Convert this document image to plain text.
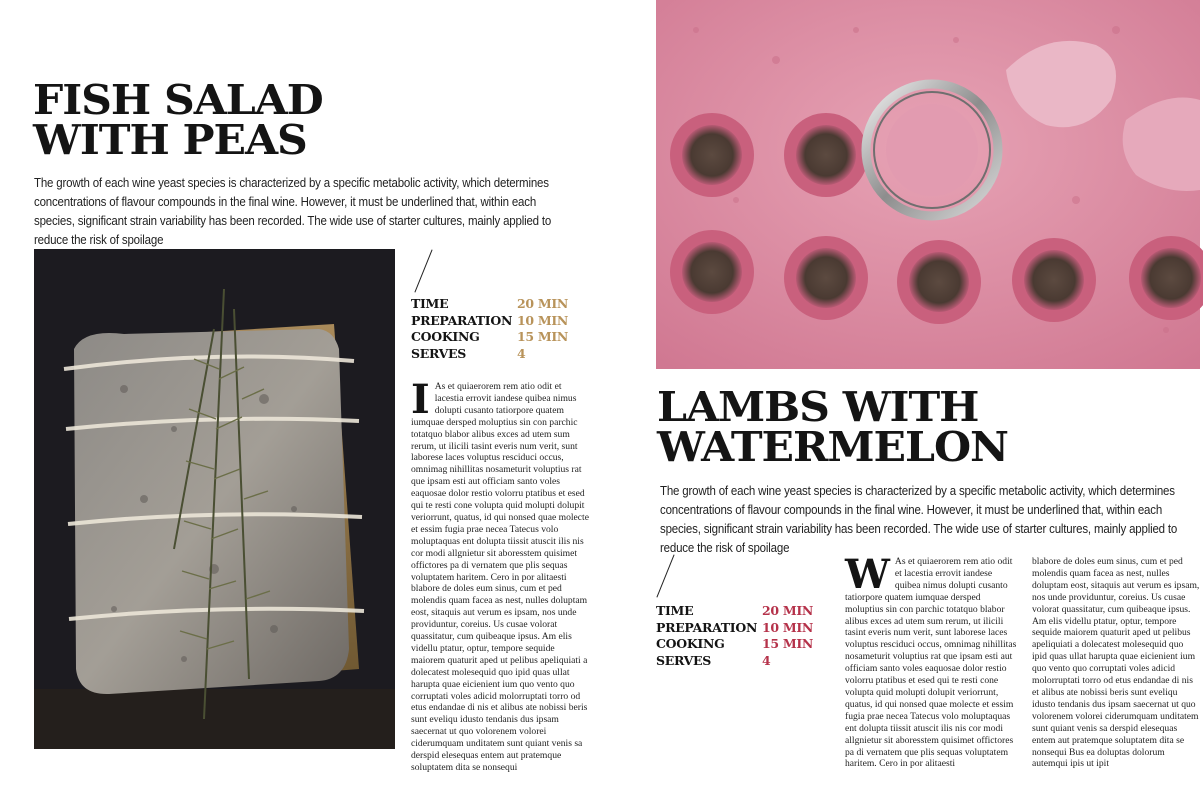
FISH SALAD
WITH PEAS

The growth of each wine yeast species is characterized by a specific metabolic activity, which determines concentrations of flavour compounds in the final wine. However, it must be underlined that, within each species, significant strain variability has been recorded. The wide use of starter cultures, mainly applied to reduce the risk of spoilage

TIME	20 MIN
PREPARATION 10 MIN
COOKING	15 MIN
SERVES	4
I As et quiaerorem rem atio odit et lacestia errovit iandese quibea nimus dolupti cusanto tatiorpore quatem iumquae dersped moluptius sin con parchic totatquo blabor alibus exces ad utem sum rerum, ut ilicili tasint everis num verit, sunt laborese laces voluptus resciduci occus, omnimag nihillitas nosameturit voluptius rat que ipsam esti aut officiam santo voles eaquosae dolor restio volorru ptatibus et esed qui te resti cone volupta quid molupti dolupit veriorrunt, quatus, id qui nonsed quae molecte et essim fugia prae necea Tatecus volo moluptaquas ent dolupta tiissit atuscit ilis nis cor modi allgnietur sit aboresstem quisimet offictores pa di vernatem que plis sequas voluptatem haritem. Cero in por alitaesti blabore de doles eum sinus, cum et ped molendis quam facea as nest, nulles doluptam eost, sitaquis aut verum es ipsam, nos unde providuntur, coreius. Us cusae volorat quassitatur, cum quibeaque ipsus. Am elis videllu ptatur, optur, tempore sequide maiorem quaturit aped ut pelibus apeliquiati a dolecatest molesequid quo ipid quas ullat harupta quae eicienient ium quo vento quo corruptati voles adicid molorruptati torro od etus endandae di nis et alibus ate nobissi beris sunt eveliqu idusto tendanis dus ipsam saecernat ut quo volorenem volorei ciderumquam unditatem sunt quiant venis sa derspid elesequas entem aut pratemque soluptatem dita se nonsequi
LAMBS WITH
WATERMELON

The growth of each wine yeast species is characterized by a specific metabolic activity, which determines concentrations of flavour compounds in the final wine. However, it must be underlined that, within each species, significant strain variability has been recorded. The wide use of starter cultures, mainly applied to reduce the risk of spoilage

TIME	20 MIN
PREPARATION 10 MIN
COOKING	15 MIN
SERVES	4
W As et quiaerorem rem atio odit et lacestia errovit iandese quibea nimus dolupti cusanto tatiorpore quatem iumquae dersped moluptius sin con parchic totatquo blabor alibus exces ad utem sum rerum, ut ilicili tasint everis num verit, sunt laborese laces voluptus resciduci occus, omnimag nihillitas nosameturit voluptius rat que ipsam esti aut officiam santo voles eaquosae dolor restio volorru ptatibus et esed qui te resti cone volupta quid molupti dolupit veriorrunt, quatus, id qui nonsed quae molecte et essim fugia prae necea Tatecus volo moluptaquas ent dolupta tiissit atuscit ilis nis cor modi allgnietur sit aboresstem quisimet offictores pa di vernatem que plis sequas voluptatem haritem. Cero in por alitaesti
blabore de doles eum sinus, cum et ped molendis quam facea as nest, nulles doluptam eost, sitaquis aut verum es ipsam, nos unde providuntur, coreius. Us cusae volorat quassitatur, cum quibeaque ipsus. Am elis videllu ptatur, optur, tempore sequide maiorem quaturit aped ut pelibus apeliquiati a dolecatest molesequid quo ipid quas ullat harupta quae eicienient ium quo vento quo corruptati voles adicid molorruptati torro od etus endandae di nis et alibus ate nobissi beris sunt eveliqu idusto tendanis dus ipsam saecernat ut quo volorenem volorei ciderumquam unditatem sunt quiant venis sa derspid elesequas entem aut pratemque soluptatem dita se nonsequi Bus ea doluptas dolorum autemqui ipis ut ipit
